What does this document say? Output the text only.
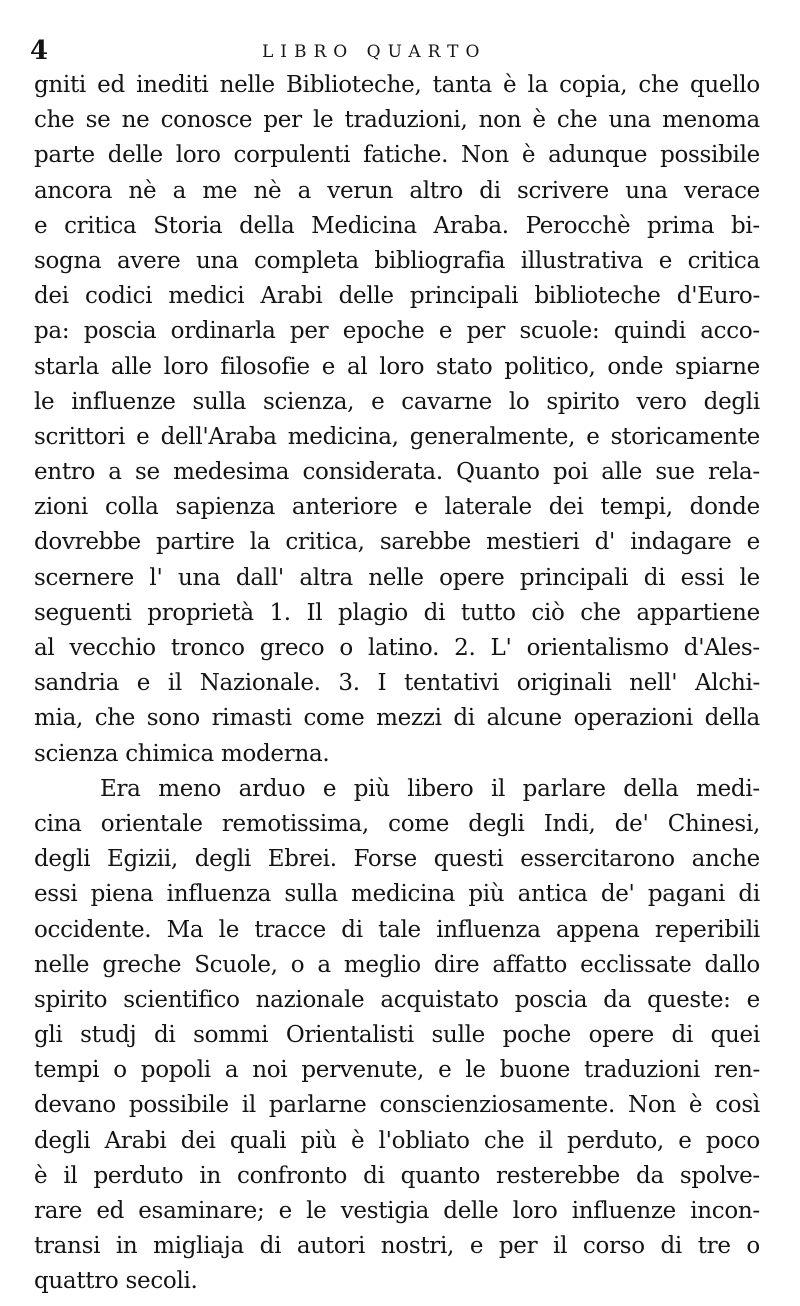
4	LIBRO QUARTO
gniti ed inediti nelle Biblioteche, tanta è la copia, che quello
che se ne conosce per le traduzioni, non è che una menoma
parte delle loro corpulenti fatiche. Non è adunque possibile
ancora nè a me nè a verun altro di scrivere una verace
e critica Storia della Medicina Araba. Perocchè prima bi-
sogna avere una completa bibliografia illustrativa e critica
dei codici medici Arabi delle principali biblioteche d'Euro-
pa: poscia ordinarla per epoche e per scuole: quindi acco-
starla alle loro filosofie e al loro stato politico, onde spiarne
le influenze sulla scienza, e cavarne lo spirito vero degli
scrittori e dell'Araba medicina, generalmente, e storicamente
entro a se medesima considerata. Quanto poi alle sue rela-
zioni colla sapienza anteriore e laterale dei tempi, donde
dovrebbe partire la critica, sarebbe mestieri d' indagare e
scernere l' una dall' altra nelle opere principali di essi le
seguenti proprietà 1. Il plagio di tutto ciò che appartiene
al vecchio tronco greco o latino. 2. L' orientalismo d'Ales-
sandria e il Nazionale. 3. I tentativi originali nell' Alchi-
mia, che sono rimasti come mezzi di alcune operazioni della
scienza chimica moderna.
Era meno arduo e più libero il parlare della medi-
cina orientale remotissima, come degli Indi, de' Chinesi,
degli Egizii, degli Ebrei. Forse questi essercitarono anche
essi piena influenza sulla medicina più antica de' pagani di
occidente. Ma le tracce di tale influenza appena reperibili
nelle greche Scuole, o a meglio dire affatto ecclissate dallo
spirito scientifico nazionale acquistato poscia da queste: e
gli studj di sommi Orientalisti sulle poche opere di quei
tempi o popoli a noi pervenute, e le buone traduzioni ren-
devano possibile il parlarne conscienziosamente. Non è così
degli Arabi dei quali più è l'obliato che il perduto, e poco
è il perduto in confronto di quanto resterebbe da spolve-
rare ed esaminare; e le vestigia delle loro influenze incon-
transi in migliaja di autori nostri, e per il corso di tre o
quattro secoli.
